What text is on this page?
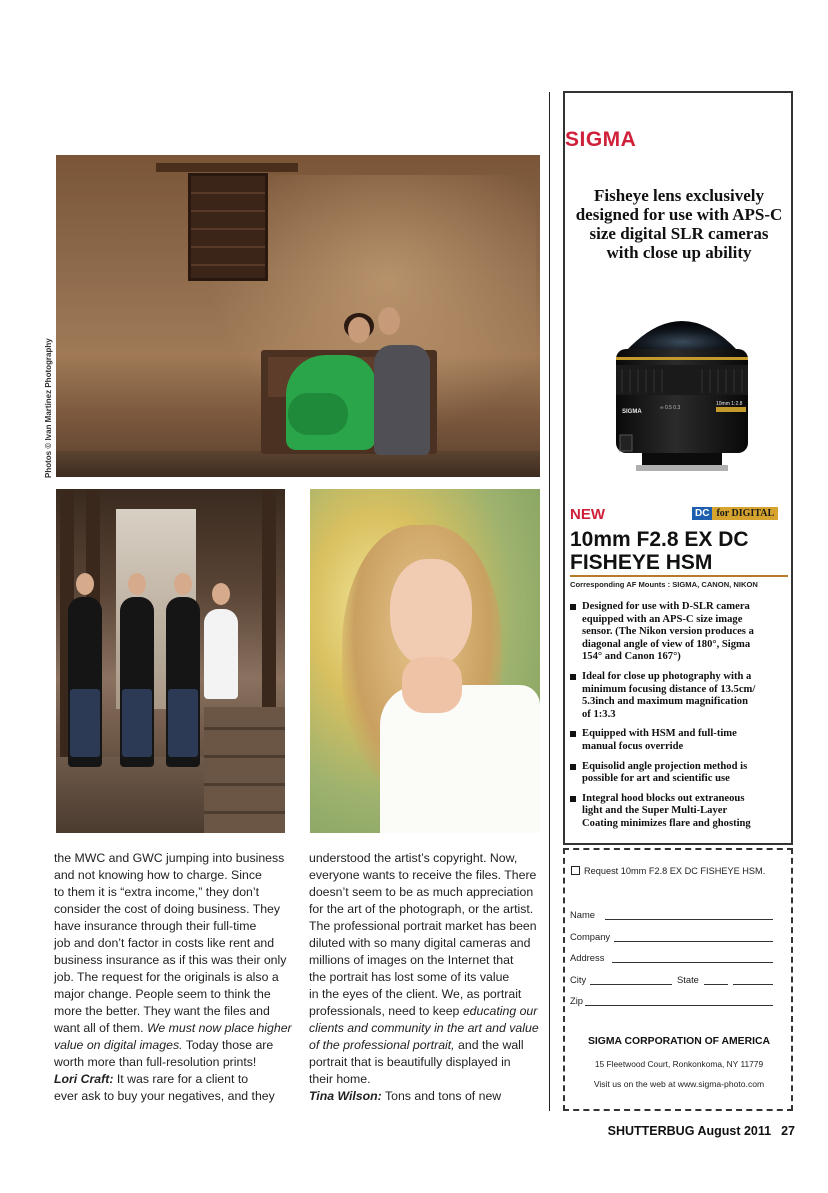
Photos © Ivan Martinez Photography
the MWC and GWC jumping into business
and not knowing how to charge. Since
to them it is “extra income,” they don’t
consider the cost of doing business. They
have insurance through their full-time
job and don’t factor in costs like rent and
business insurance as if this was their only
job. The request for the originals is also a
major change. People seem to think the
more the better. They want the files and
want all of them. We must now place higher
value on digital images. Today those are
worth more than full-resolution prints!
Lori Craft: It was rare for a client to
ever ask to buy your negatives, and they
understood the artist’s copyright. Now,
everyone wants to receive the files. There
doesn’t seem to be as much appreciation
for the art of the photograph, or the artist.
The professional portrait market has been
diluted with so many digital cameras and
millions of images on the Internet that
the portrait has lost some of its value
in the eyes of the client. We, as portrait
professionals, need to keep educating our
clients and community in the art and value
of the professional portrait, and the wall
portrait that is beautifully displayed in
their home.
Tina Wilson: Tons and tons of new
SIGMA
Fisheye lens exclusively
designed for use with APS-C
size digital SLR cameras
with close up ability
SIGMA
∞ 0.5 0.3
10mm 1:2.8
NEW	DC for DIGITAL
10mm F2.8 EX DC
FISHEYE HSM
Corresponding AF Mounts : SIGMA, CANON, NIKON
Designed for use with D-SLR camera
equipped with an APS-C size image
sensor. (The Nikon version produces a
diagonal angle of view of 180°, Sigma
154° and Canon 167°)
Ideal for close up photography with a
minimum focusing distance of 13.5cm/
5.3inch and maximum magnification
of 1:3.3
Equipped with HSM and full-time
manual focus override
Equisolid angle projection method is
possible for art and scientific use
Integral hood blocks out extraneous
light and the Super Multi-Layer
Coating minimizes flare and ghosting
Request 10mm F2.8 EX DC FISHEYE HSM.
Name
Company
Address
City	State
Zip
SIGMA CORPORATION OF AMERICA
15 Fleetwood Court, Ronkonkoma, NY 11779
Visit us on the web at www.sigma-photo.com
SHUTTERBUG August 2011 27
